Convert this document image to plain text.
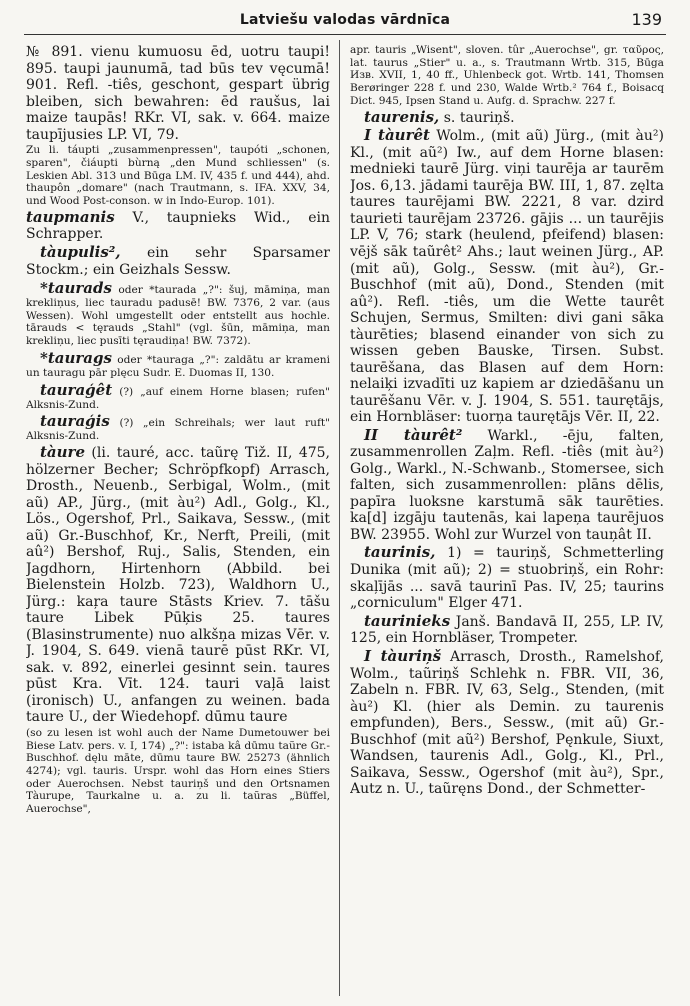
Latviešu valodas vārdnīca	139

№ 891. vienu kumuosu ēd, uotru taupi! 895. taupi jaunumā, tad būs tev vęcumā! 901. Refl. -tiês, geschont, gespart übrig bleiben, sich bewahren: ēd raušus, lai maize taupās! RKr. VI, sak. v. 664. maize taupījusies LP. VI, 79.

Zu li. táupti „zusammenpressen", taupóti „schonen, sparen", čiáupti bùrną „den Mund schliessen" (s. Leskien Abl. 313 und Būga LM. IV, 435 f. und 444), ahd. thaupôn „domare" (nach Trautmann, s. IFA. XXV, 34, und Wood Post-conson. w in Indo-Europ. 101).

taupmanis V., taupnieks Wid., ein Schrapper.

tàupulis², ein sehr Sparsamer Stockm.; ein Geizhals Sessw.

*taurads oder *taurada „?": šuj, māmiņa, man krekliņus, liec tauradu padusē! BW. 7376, 2 var. (aus Wessen). Wohl umgestellt oder entstellt aus hochle. tārauds < tęrauds „Stahl" (vgl. šūn, māmiņa, man krekliņu, liec pusīti tęraudiņa! BW. 7372).

*taurags oder *tauraga „?": zaldātu ar krameni un tauragu pār plęcu Sudr. E. Duomas II, 130.

tauraģêt (?) „auf einem Horne blasen; rufen" Alksnis-Zund.

tauraģis (?) „ein Schreihals; wer laut ruft" Alksnis-Zund.

tàure (li. tauré, acc. taũrę Tiž. II, 475, hölzerner Becher; Schröpfkopf) Arrasch, Drosth., Neuenb., Serbigal, Wolm., (mit aũ) AP., Jürg., (mit àu²) Adl., Golg., Kl., Lös., Ogershof, Prl., Saikava, Sessw., (mit aũ) Gr.-Buschhof, Kr., Nerft, Preili, (mit aû²) Bershof, Ruj., Salis, Stenden, ein Jagdhorn, Hirtenhorn (Abbild. bei Bielenstein Holzb. 723), Waldhorn U., Jürg.: kaŗa taure Stāsts Kriev. 7. tāšu taure Libek Pūķis 25. taures (Blasinstrumente) nuo alkšņa mizas Vēr. v. J. 1904, S. 649. vienā taurē pūst RKr. VI, sak. v. 892, einerlei gesinnt sein. taures pūst Kra. Vīt. 124. tauri vaļā laist (ironisch) U., anfangen zu weinen. bada taure U., der Wiedehopf. dūmu taure

(so zu lesen ist wohl auch der Name Dumetouwer bei Biese Latv. pers. v. I, 174) „?": istaba kâ dūmu taũre Gr.-Buschhof. dęlu māte, dūmu taure BW. 25273 (ähnlich 4274); vgl. tauris. Urspr. wohl das Horn eines Stiers oder Auerochsen. Nebst tauriņš und den Ortsnamen Tàurupe, Taurkalne u. a. zu li. taũras „Büffel, Auerochse",

apr. tauris „Wisent", sloven. tûr „Auerochse", gr. ταῦρος, lat. taurus „Stier" u. a., s. Trautmann Wrtb. 315, Būga Изв. XVII, 1, 40 ff., Uhlenbeck got. Wrtb. 141, Thomsen Berøringer 228 f. und 230, Walde Wrtb.² 764 f., Boisacq Dict. 945, Ipsen Stand u. Aufg. d. Sprachw. 227 f.

taurenis, s. tauriņš.

I tàurêt Wolm., (mit aũ) Jürg., (mit àu²) Kl., (mit aũ²) Iw., auf dem Horne blasen: mednieki taurē Jürg. viņi taurēja ar taurēm Jos. 6,13. jādami taurēja BW. III, 1, 87. zęlta taures taurējami BW. 2221, 8 var. dzird taurieti taurējam 23726. gājis ... un taurējis LP. V, 76; stark (heulend, pfeifend) blasen: vējš sāk taũrêt² Ahs.; laut weinen Jürg., AP. (mit aũ), Golg., Sessw. (mit àu²), Gr.-Buschhof (mit aũ), Dond., Stenden (mit aû²). Refl. -tiês, um die Wette taurêt Schujen, Sermus, Smilten: divi gani sāka tàurēties; blasend einander von sich zu wissen geben Bauske, Tirsen. Subst. taurēšana, das Blasen auf dem Horn: nelaiķi izvadīti uz kapiem ar dziedāšanu un taurēšanu Vēr. v. J. 1904, S. 551. taurętājs, ein Hornbläser: tuorņa taurętājs Vēr. II, 22.

II tàurêt² Warkl., -ēju, falten, zusammenrollen Zaļm. Refl. -tiês (mit àu²) Golg., Warkl., N.-Schwanb., Stomersee, sich falten, sich zusammenrollen: plāns dēlis, papīra luoksne karstumā sāk taurēties. ka[d] izgāju tautenās, kai lapeņa taurējuos BW. 23955. Wohl zur Wurzel von tauņât II.

taurinis, 1) = tauriņš, Schmetterling Dunika (mit aũ); 2) = stuobriņš, ein Rohr: skaļījās ... savā taurinī Pas. IV, 25; taurins „corniculum" Elger 471.

taurinieks Janš. Bandavā II, 255, LP. IV, 125, ein Hornbläser, Trompeter.

I tàuriņš Arrasch, Drosth., Ramelshof, Wolm., taũriņš Schlehk n. FBR. VII, 36, Zabeln n. FBR. IV, 63, Selg., Stenden, (mit àu²) Kl. (hier als Demin. zu taurenis empfunden), Bers., Sessw., (mit aũ) Gr.-Buschhof (mit aũ²) Bershof, Pęnkule, Siuxt, Wandsen, taurenis Adl., Golg., Kl., Prl., Saikava, Sessw., Ogershof (mit àu²), Spr., Autz n. U., taũręns Dond., der Schmetter-
